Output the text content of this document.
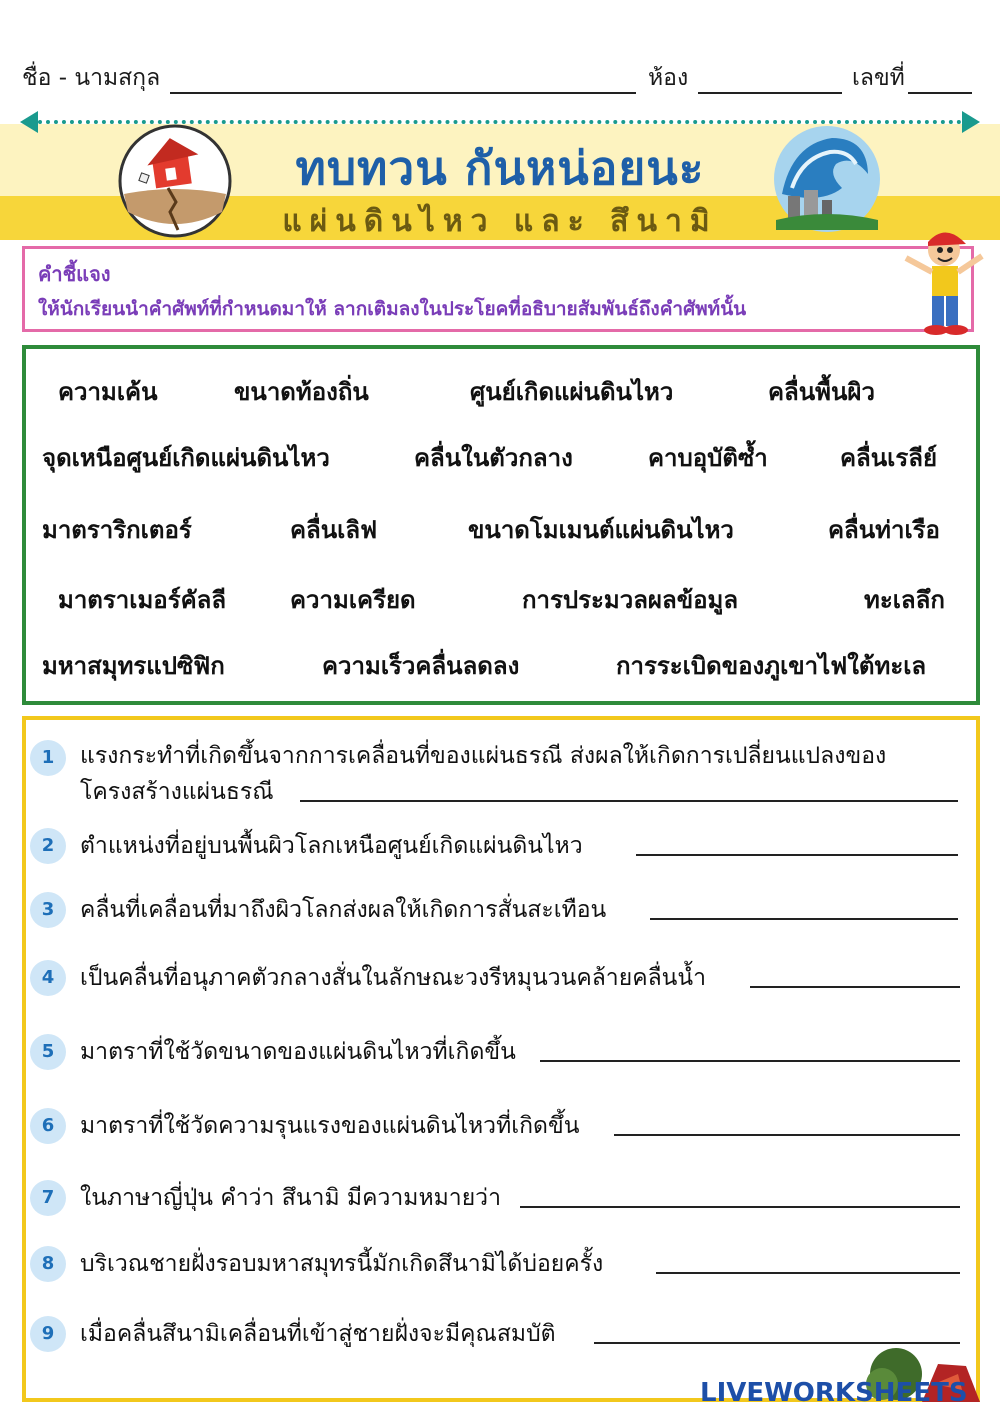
ชื่อ - นามสกุล	ห้อง	เลขที่
ทบทวน กันหน่อยนะ
แผ่นดินไหว และ สึนามิ
คำชี้แจง
ให้นักเรียนนำคำศัพท์ที่กำหนดมาให้ ลากเติมลงในประโยคที่อธิบายสัมพันธ์ถึงคำศัพท์นั้น
ความเค้น	ขนาดท้องถิ่น	ศูนย์เกิดแผ่นดินไหว	คลื่นพื้นผิว
จุดเหนือศูนย์เกิดแผ่นดินไหว	คลื่นในตัวกลาง	คาบอุบัติซ้ำ	คลื่นเรลีย์
มาตราริกเตอร์	คลื่นเลิฟ	ขนาดโมเมนต์แผ่นดินไหว	คลื่นท่าเรือ
มาตราเมอร์คัลลี	ความเครียด	การประมวลผลข้อมูล	ทะเลลึก
มหาสมุทรแปซิฟิก	ความเร็วคลื่นลดลง	การระเบิดของภูเขาไฟใต้ทะเล
1	แรงกระทำที่เกิดขึ้นจากการเคลื่อนที่ของแผ่นธรณี ส่งผลให้เกิดการเปลี่ยนแปลงของ
โครงสร้างแผ่นธรณี
2	ตำแหน่งที่อยู่บนพื้นผิวโลกเหนือศูนย์เกิดแผ่นดินไหว
3	คลื่นที่เคลื่อนที่มาถึงผิวโลกส่งผลให้เกิดการสั่นสะเทือน
4	เป็นคลื่นที่อนุภาคตัวกลางสั่นในลักษณะวงรีหมุนวนคล้ายคลื่นน้ำ
5	มาตราที่ใช้วัดขนาดของแผ่นดินไหวที่เกิดขึ้น
6	มาตราที่ใช้วัดความรุนแรงของแผ่นดินไหวที่เกิดขึ้น
7	ในภาษาญี่ปุ่น คำว่า สึนามิ มีความหมายว่า
8	บริเวณชายฝั่งรอบมหาสมุทรนี้มักเกิดสึนามิได้บ่อยครั้ง
9	เมื่อคลื่นสึนามิเคลื่อนที่เข้าสู่ชายฝั่งจะมีคุณสมบัติ
LIVEWORKSHEETS
